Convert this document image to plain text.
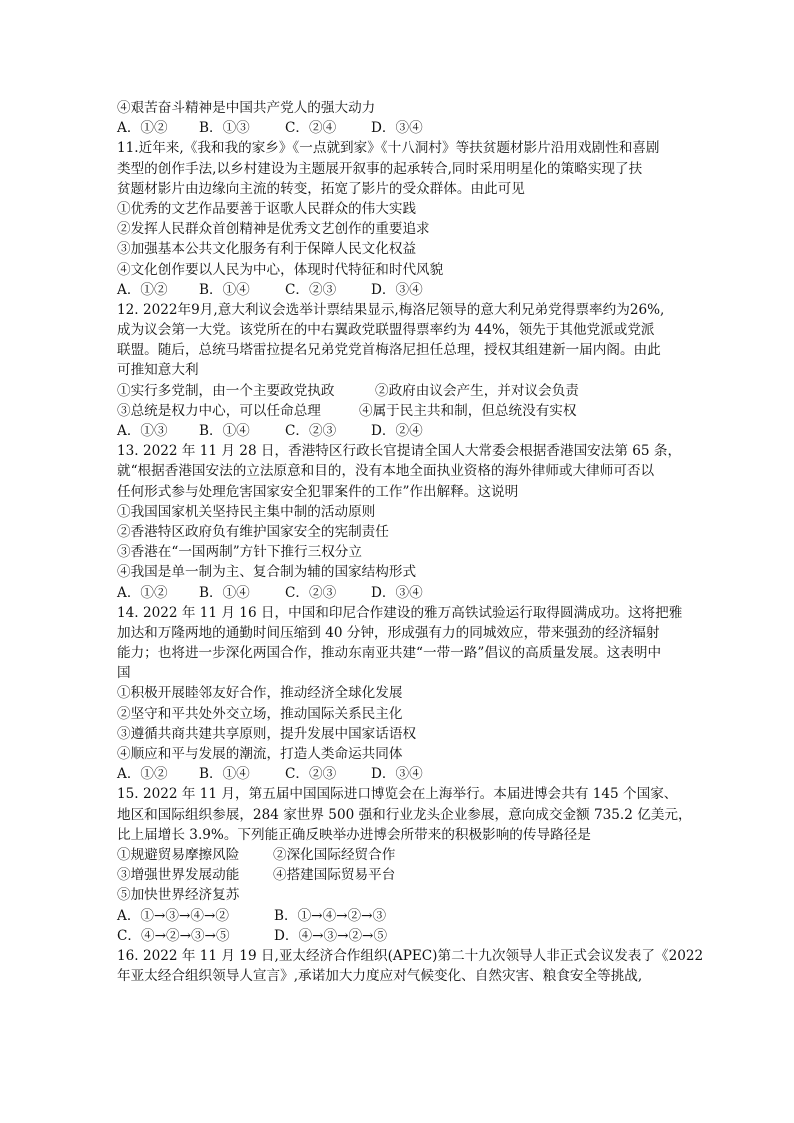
④艰苦奋斗精神是中国共产党人的强大动力
A．①②	B．①③	C．②④	D．③④
11.近年来,《我和我的家乡》《一点就到家》《十八洞村》等扶贫题材影片沿用戏剧性和喜剧
类型的创作手法,以乡村建设为主题展开叙事的起承转合,同时采用明星化的策略实现了扶
贫题材影片由边缘向主流的转变，拓宽了影片的受众群体。由此可见
①优秀的文艺作品要善于讴歌人民群众的伟大实践
②发挥人民群众首创精神是优秀文艺创作的重要追求
③加强基本公共文化服务有利于保障人民文化权益
④文化创作要以人民为中心，体现时代特征和时代风貌
A．①②	B．①④	C．②③	D．③④
12. 2022年9月,意大利议会选举计票结果显示,梅洛尼领导的意大利兄弟党得票率约为26%,
成为议会第一大党。该党所在的中右翼政党联盟得票率约为 44%，领先于其他党派或党派
联盟。随后，总统马塔雷拉提名兄弟党党首梅洛尼担任总理，授权其组建新一届内阁。由此
可推知意大利
①实行多党制，由一个主要政党执政	②政府由议会产生，并对议会负责
③总统是权力中心，可以任命总理	④属于民主共和制，但总统没有实权
A．①③	B．①④	C．②③	D．②④
13. 2022 年 11 月 28 日，香港特区行政长官提请全国人大常委会根据香港国安法第 65 条，
就“根据香港国安法的立法原意和目的，没有本地全面执业资格的海外律师或大律师可否以
任何形式参与处理危害国家安全犯罪案件的工作”作出解释。这说明
①我国国家机关坚持民主集中制的活动原则
②香港特区政府负有维护国家安全的宪制责任
③香港在“一国两制”方针下推行三权分立
④我国是单一制为主、复合制为辅的国家结构形式
A．①②	B．①④	C．②③	D．③④
14. 2022 年 11 月 16 日，中国和印尼合作建设的雅万高铁试验运行取得圆满成功。这将把雅
加达和万隆两地的通勤时间压缩到 40 分钟，形成强有力的同城效应，带来强劲的经济辐射
能力；也将进一步深化两国合作，推动东南亚共建“一带一路”倡议的高质量发展。这表明中
国
①积极开展睦邻友好合作，推动经济全球化发展
②坚守和平共处外交立场，推动国际关系民主化
③遵循共商共建共享原则，提升发展中国家话语权
④顺应和平与发展的潮流，打造人类命运共同体
A．①②	B．①④	C．②③	D．③④
15. 2022 年 11 月，第五届中国国际进口博览会在上海举行。本届进博会共有 145 个国家、
地区和国际组织参展，284 家世界 500 强和行业龙头企业参展，意向成交金额 735.2 亿美元，
比上届增长 3.9%。下列能正确反映举办进博会所带来的积极影响的传导路径是
①规避贸易摩擦风险	②深化国际经贸合作
③增强世界发展动能	④搭建国际贸易平台
⑤加快世界经济复苏
A．①→③→④→②	B．①→④→②→③
C．④→②→③→⑤	D．④→③→②→⑤
16. 2022 年 11 月 19 日,亚太经济合作组织(APEC)第二十九次领导人非正式会议发表了《2022
年亚太经合组织领导人宣言》,承诺加大力度应对气候变化、自然灾害、粮食安全等挑战,
